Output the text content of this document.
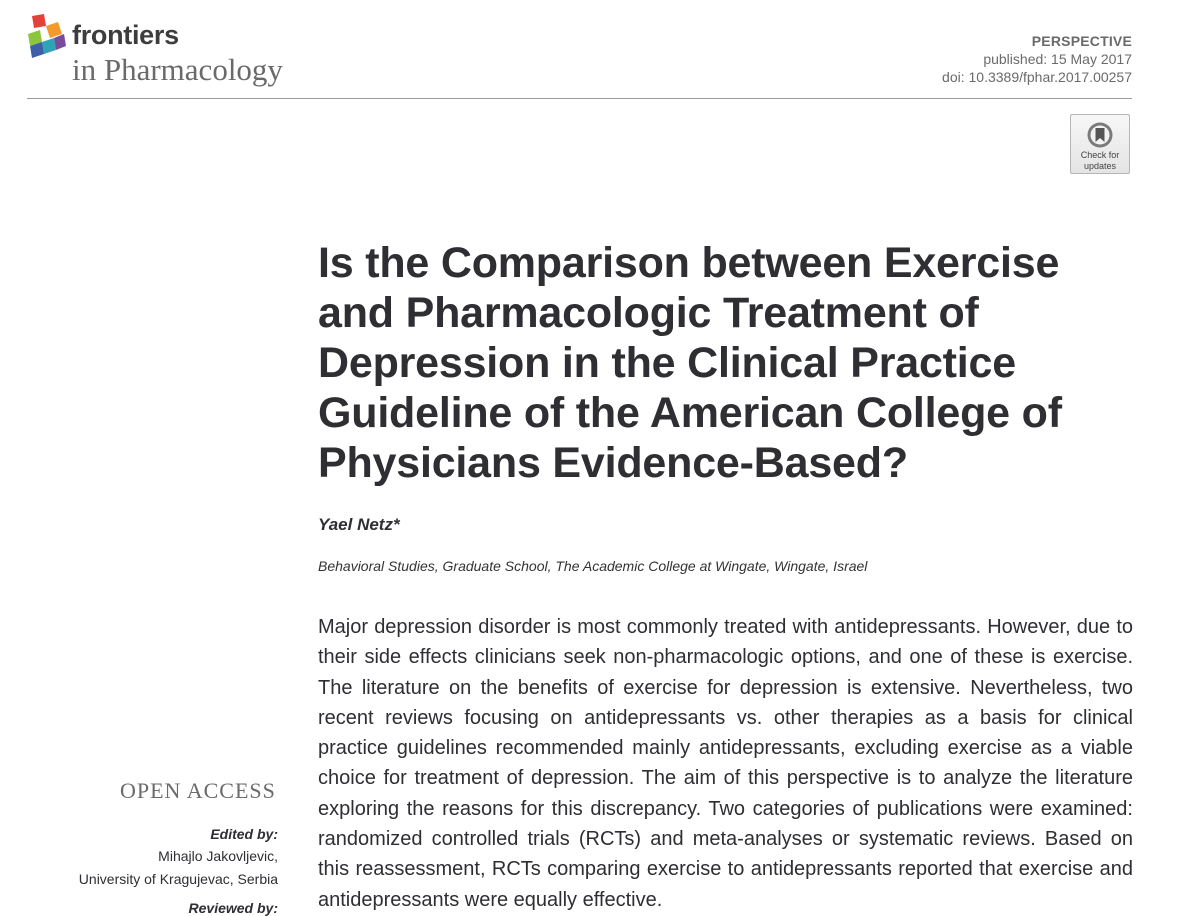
frontiers
in Pharmacology
PERSPECTIVE
published: 15 May 2017
doi: 10.3389/fphar.2017.00257
Check for
updates
Is the Comparison between Exercise and Pharmacologic Treatment of Depression in the Clinical Practice Guideline of the American College of Physicians Evidence-Based?
Yael Netz*
Behavioral Studies, Graduate School, The Academic College at Wingate, Wingate, Israel

Major depression disorder is most commonly treated with antidepressants. However, due to their side effects clinicians seek non-pharmacologic options, and one of these is exercise. The literature on the benefits of exercise for depression is extensive. Nevertheless, two recent reviews focusing on antidepressants vs. other therapies as a basis for clinical practice guidelines recommended mainly antidepressants, excluding exercise as a viable choice for treatment of depression. The aim of this perspective is to analyze the literature exploring the reasons for this discrepancy. Two categories of publications were examined: randomized controlled trials (RCTs) and meta-analyses or systematic reviews. Based on this reassessment, RCTs comparing exercise to antidepressants reported that exercise and antidepressants were equally effective.

OPEN ACCESS
Edited by:
Mihajlo Jakovljevic,
University of Kragujevac, Serbia
Reviewed by:
